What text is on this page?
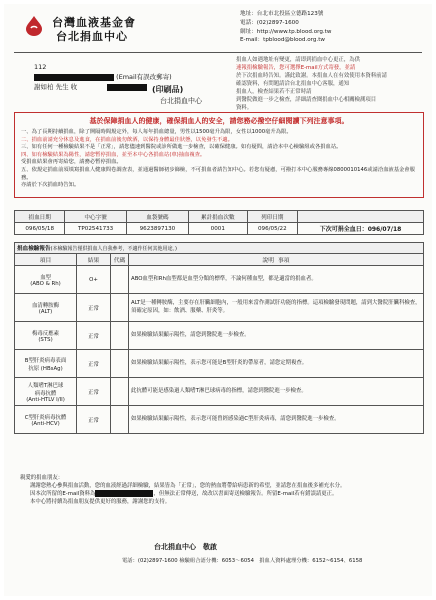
台灣血液基金會
台北捐血中心
地址：台北市北投區立德路123號
電話：(02)2897-1600
網址：http://www.tp.blood.org.tw
E-mail：tpblood@blood.org.tw
112
(Email有誤改郵寄)
謝如柏 先生 收	(印刷品)
台北捐血中心
捐血人如遇地址有變更，請即到捐血中心更正，為供
速報捐檢驗報告，您可選擇E-mail方式寄發，並請
於下次捐血時告知。謹此致謝。本捐血人在有效使用本資料前請
確認資料，有問題請洽台北捐血中心客服，通知
捐血人，檢查結果若不正常時請
到醫院做進一步之檢查，詳細請查閱捐血中心相關檢測項目
資料。
基於保障捐血人的健康，確保捐血人的安全，請您務必撥空仔細閱讀下列注意事項。
一、為了長期持續捐血，除了開隔時間規定外，每人每年捐血總量，男性以1500毫升為限，女性以1000毫升為限。
二、捐血前請充分休息及進食，在捐血前後勿飲酒，以保持身體最佳狀態，以免發生不適。
三、如有任何一種檢驗結果不是「正常」，請您儘速到醫院或診所做進一步檢查，以確保健康。如有疑問，請洽本中心檢驗組或各捐血站。
四、如有檢驗結果為陽性，請您暫停捐血，並至本中心各捐血站(車)抽血複查。
受捐血結果會再寄給您，請務必暫停捐血。
五、依規定捐血前須填寫捐血人健康問卷調查表，並通過醫師初步篩檢，不可捐血者請告知中心。若您有疑慮，可撥打本中心服務專線0800010146或請洽血液基金會服務。
亦請於下次捐血時告知。
捐血日期	中心字號	血袋號碼	累計捐血次數	列印日期	
096/05/18	TP02541733	9623897130	0001	096/05/22	下次可捐全血日：096/07/18
捐血檢驗報告(本檢驗報告僅供捐血人自我參考，不適作任何其他用途。)				
項目	結果	代碼	說明	事項
血型
(ABO & Rh)	O+		ABO血型和Rh血型都是血型分類的標準，不論何種血型，都是適當的捐血者。	
血清轉胺酶
(ALT)	正常		ALT是一種轉胺酶，主要存在肝臟細胞內，一般用來當作測試肝功能的指標。這項檢驗發現問題，請到大醫院肝臟科檢查，須確定原因，如：飲酒、服藥、肝炎等。	
梅毒反應素
(STS)	正常		如果檢驗結果顯示陽性，請您到醫院進一步檢查。	
B型肝炎病毒表面
抗原 (HBsAg)	正常		如果檢驗結果顯示陽性，表示您可能是B型肝炎的帶原者，請您定期複查。	
人類嗜T淋巴球
病毒抗體
(Anti-HTLV I/II)	正常		此抗體可能是感染過人類嗜T淋巴球病毒的指標，請您到醫院進一步檢查。	
C型肝炎病毒抗體
(Anti-HCV)	正常		如果檢驗結果顯示陽性，表示您可能曾經感染過C型肝炎病毒，請您到醫院進一步檢查。	
親愛的捐血朋友：
謝謝您熱心參與捐血活動，您的血液經過詳細檢驗，結果皆為「正常」，您的熱血將帶給病患新的希望，並請您在捐血後多補充水分。
因本次所留的E-mail資料為	，但無法正常傳送，故改以書面寄送檢驗報告。所留E-mail若有錯誤請更正。
本中心將持續為捐血朋友提供更好的服務，謝謝您的支持。
台北捐血中心　敬啟
電話：(02)2897-1600 檢驗組合語分機：6053～6054　捐血人資料處理分機：6152~6154、6158
